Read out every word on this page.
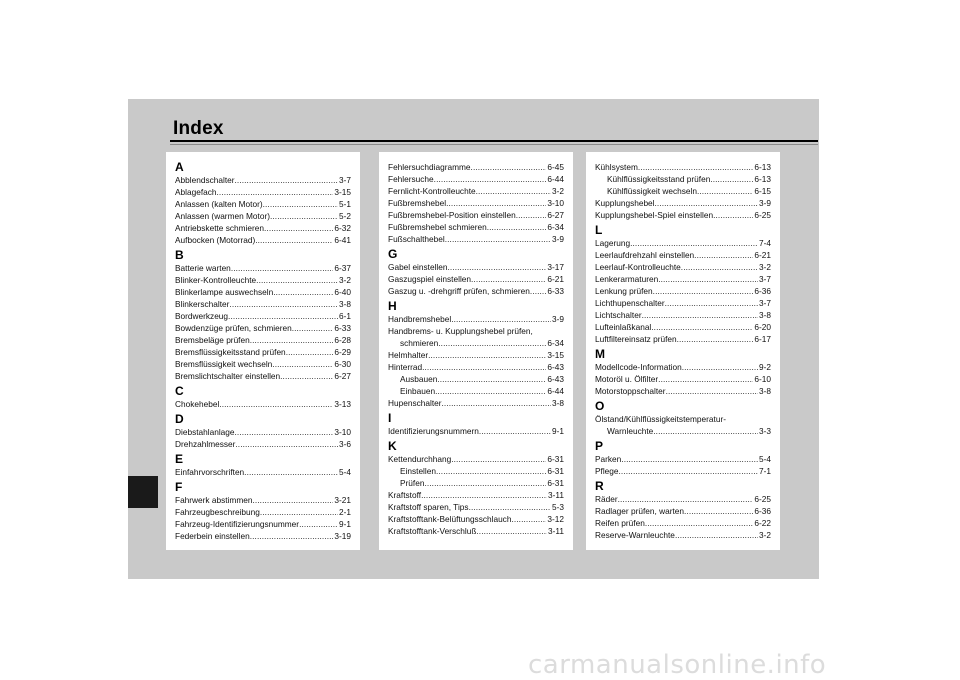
Index
A
Abblendschalter .....	3-7
Ablagefach .....	3-15
Anlassen (kalten Motor) .....	5-1
Anlassen (warmen Motor) .....	5-2
Antriebskette schmieren .....	6-32
Aufbocken (Motorrad) .....	6-41
B
Batterie warten .....	6-37
Blinker-Kontrolleuchte .....	3-2
Blinkerlampe auswechseln .....	6-40
Blinkerschalter .....	3-8
Bordwerkzeug .....	6-1
Bowdenzüge prüfen, schmieren .....	6-33
Bremsbeläge prüfen .....	6-28
Bremsflüssigkeitsstand prüfen .....	6-29
Bremsflüssigkeit wechseln .....	6-30
Bremslichtschalter einstellen .....	6-27
C
Chokehebel .....	3-13
D
Diebstahlanlage .....	3-10
Drehzahlmesser .....	3-6
E
Einfahrvorschriften .....	5-4
F
Fahrwerk abstimmen .....	3-21
Fahrzeugbeschreibung .....	2-1
Fahrzeug-Identifizierungsnummer .....	9-1
Federbein einstellen .....	3-19
Fehlersuchdiagramme .....	6-45
Fehlersuche .....	6-44
Fernlicht-Kontrolleuchte .....	3-2
Fußbremshebel .....	3-10
Fußbremshebel-Position einstellen .....	6-27
Fußbremshebel schmieren .....	6-34
Fußschalthebel .....	3-9
G
Gabel einstellen .....	3-17
Gaszugspiel einstellen .....	6-21
Gaszug u. -drehgriff prüfen, schmieren ..... 6-33
H
Handbremshebel .....	3-9
Handbrems- u. Kupplungshebel prüfen,
schmieren .....	6-34
Helmhalter .....	3-15
Hinterrad .....	6-43
Ausbauen .....	6-43
Einbauen .....	6-44
Hupenschalter .....	3-8
I
Identifizierungsnummern .....	9-1
K
Kettendurchhang .....	6-31
Einstellen .....	6-31
Prüfen .....	6-31
Kraftstoff .....	3-11
Kraftstoff sparen, Tips .....	5-3
Kraftstofftank-Belüftungsschlauch .....	3-12
Kraftstofftank-Verschluß .....	3-11
Kühlsystem .....	6-13
Kühlflüssigkeitsstand prüfen .....	6-13
Kühlflüssigkeit wechseln .....	6-15
Kupplungshebel .....	3-9
Kupplungshebel-Spiel einstellen .....	6-25
L
Lagerung .....	7-4
Leerlaufdrehzahl einstellen .....	6-21
Leerlauf-Kontrolleuchte .....	3-2
Lenkerarmaturen .....	3-7
Lenkung prüfen .....	6-36
Lichthupenschalter .....	3-7
Lichtschalter .....	3-8
Lufteinlaßkanal .....	6-20
Luftfiltereinsatz prüfen .....	6-17
M
Modellcode-Information .....	9-2
Motoröl u. Ölfilter .....	6-10
Motorstoppschalter .....	3-8
O
Ölstand/Kühlflüssigkeitstemperatur-
Warnleuchte .....	3-3
P
Parken .....	5-4
Pflege .....	7-1
R
Räder .....	6-25
Radlager prüfen, warten .....	6-36
Reifen prüfen .....	6-22
Reserve-Warnleuchte .....	3-2
carmanualsonline.info
